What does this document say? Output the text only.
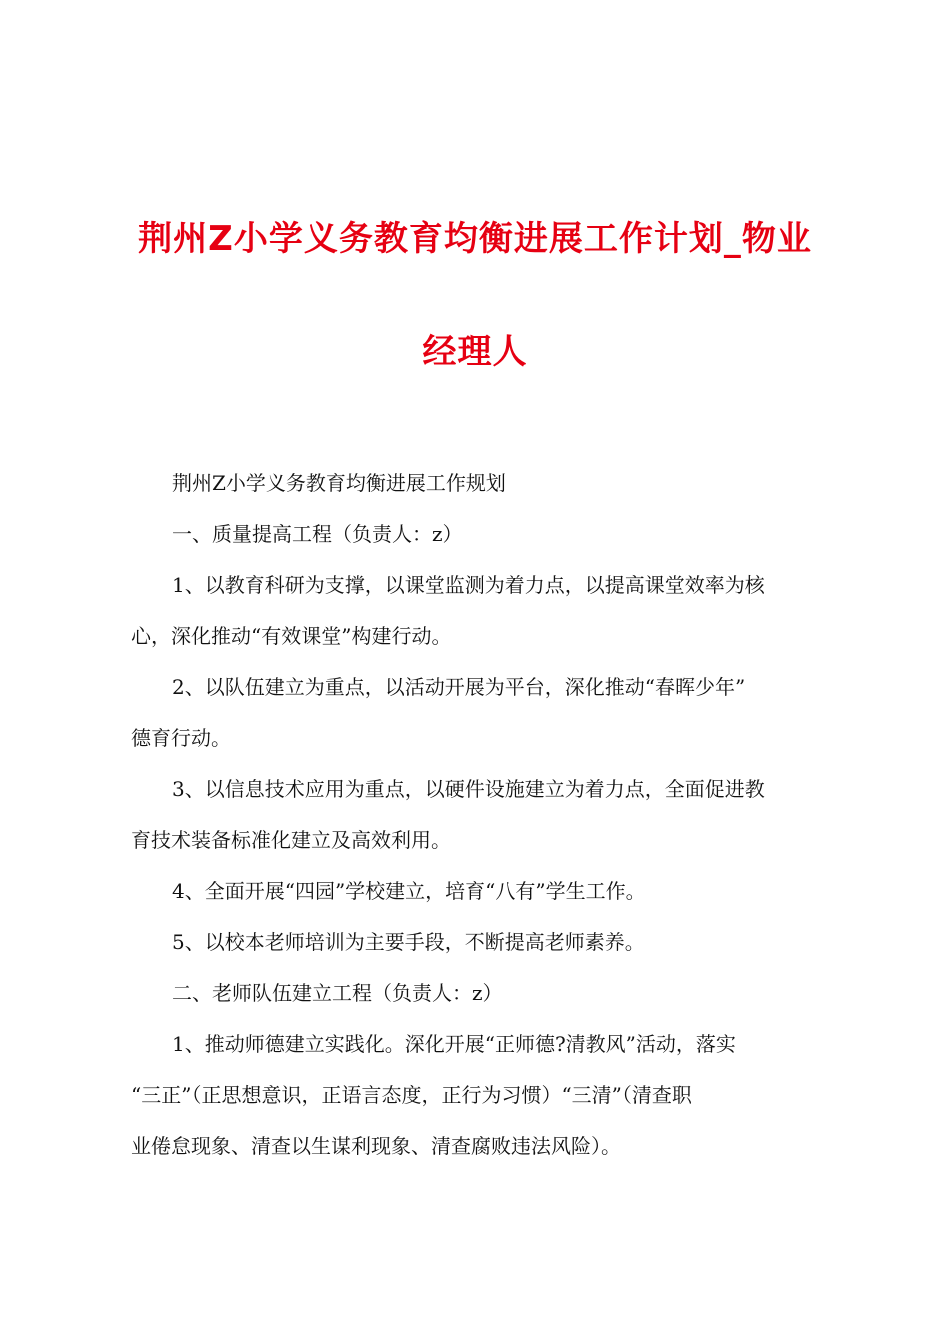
荆州Z小学义务教育均衡进展工作计划_物业
经理人
荆州Z小学义务教育均衡进展工作规划
一、质量提高工程（负责人：z）
1、以教育科研为支撑，以课堂监测为着力点，以提高课堂效率为核
心，深化推动“有效课堂”构建行动。
2、以队伍建立为重点，以活动开展为平台，深化推动“春晖少年”
德育行动。
3、以信息技术应用为重点，以硬件设施建立为着力点，全面促进教
育技术装备标准化建立及高效利用。
4、全面开展“四园”学校建立，培育“八有”学生工作。
5、以校本老师培训为主要手段，不断提高老师素养。
二、老师队伍建立工程（负责人：z）
1、推动师德建立实践化。深化开展“正师德?清教风”活动，落实
“三正”（正思想意识，正语言态度，正行为习惯）“三清”（清查职
业倦怠现象、清查以生谋利现象、清查腐败违法风险）。
